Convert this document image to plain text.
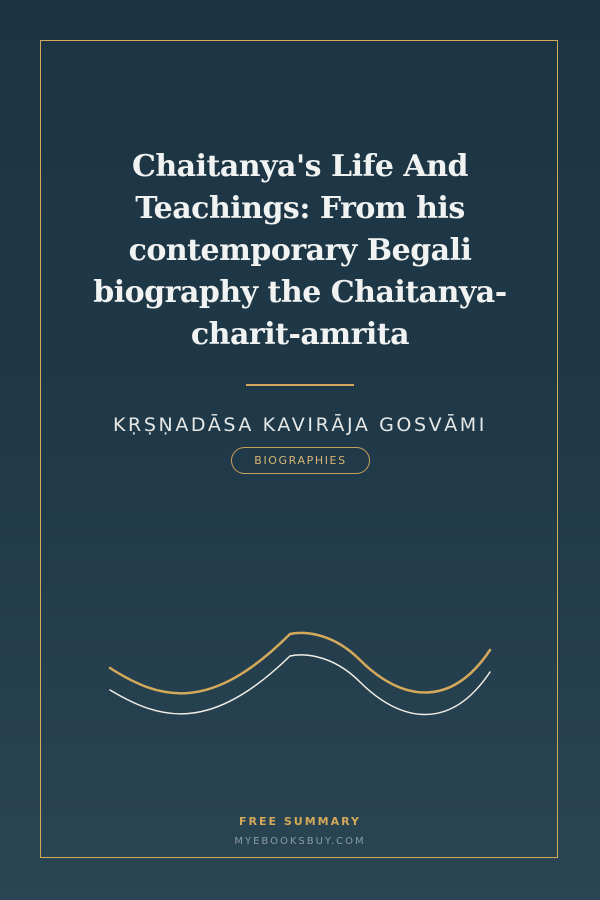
Chaitanya's Life And Teachings: From his contemporary Begali biography the Chaitanya-charit-amrita
KṚṢṆADĀSA KAVIRĀJA GOSVĀMI
BIOGRAPHIES
FREE SUMMARY
MYEBOOKSBUY.COM
